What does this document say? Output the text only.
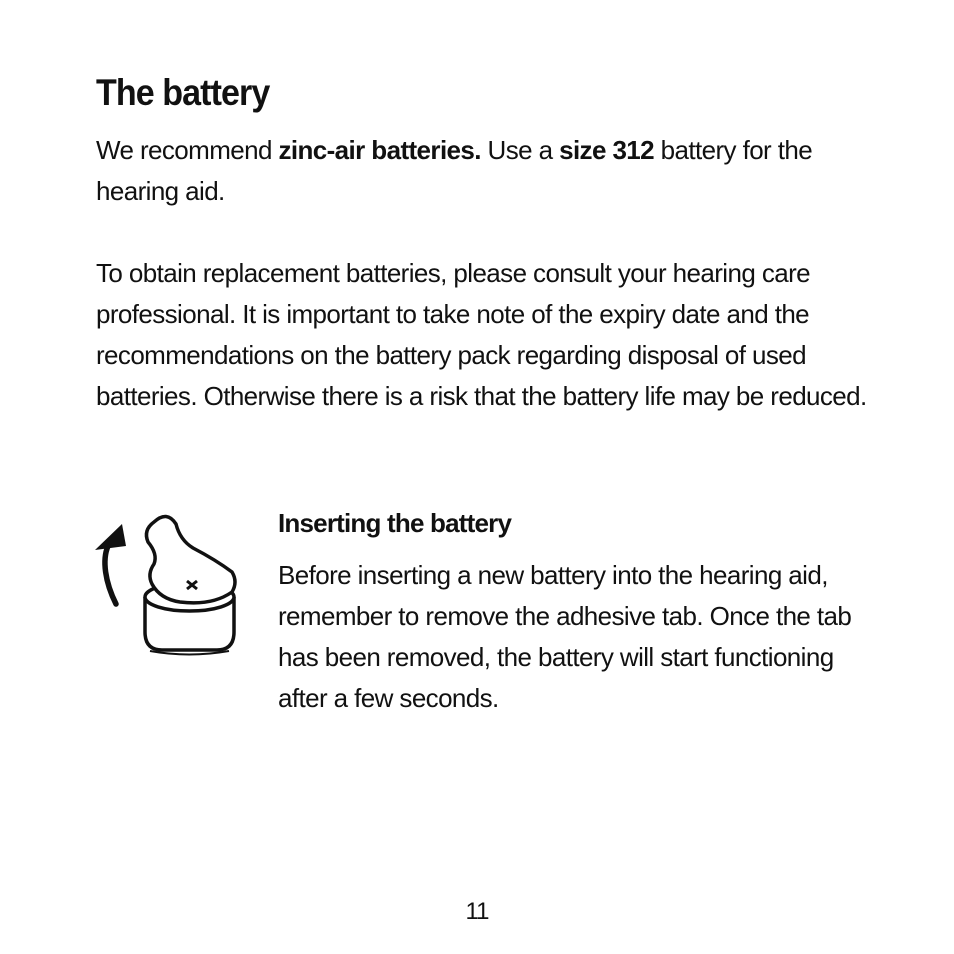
The battery

We recommend zinc-air batteries. Use a size 312 battery for the hearing aid.

To obtain replacement batteries, please consult your hearing care professional. It is important to take note of the expiry date and the recommendations on the battery pack regarding disposal of used batteries. Otherwise there is a risk that the battery life may be reduced.

Inserting the battery

Before inserting a new battery into the hearing aid, remember to remove the adhesive tab. Once the tab has been removed, the battery will start functioning after a few seconds.

11
